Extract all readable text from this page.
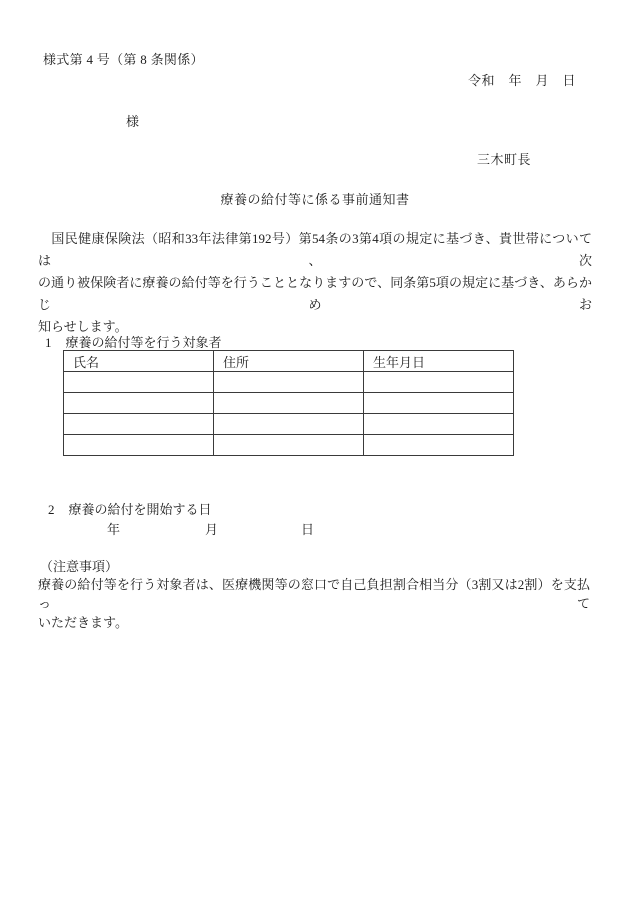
様式第 4 号（第 8 条関係）
令和　年　月　日
様
三木町長
療養の給付等に係る事前通知書
　国民健康保険法（昭和33年法律第192号）第54条の3第4項の規定に基づき、貴世帯については、次
の通り被保険者に療養の給付等を行うこととなりますので、同条第5項の規定に基づき、あらかじめお
知らせします。
1 療養の給付等を行う対象者
氏名	住所	生年月日

2 療養の給付を開始する日
年	月	日
（注意事項）
療養の給付等を行う対象者は、医療機関等の窓口で自己負担割合相当分（3割又は2割）を支払って
いただきます。
